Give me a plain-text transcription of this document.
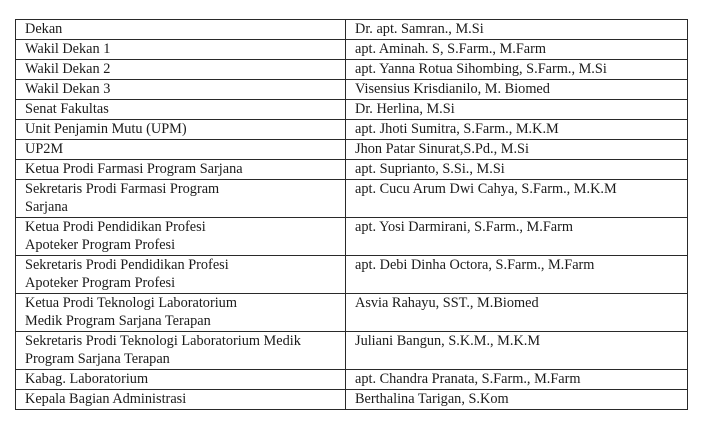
Dekan	Dr. apt. Samran., M.Si
Wakil Dekan 1	apt. Aminah. S, S.Farm., M.Farm
Wakil Dekan 2	apt. Yanna Rotua Sihombing, S.Farm., M.Si
Wakil Dekan 3	Visensius Krisdianilo, M. Biomed
Senat Fakultas	Dr. Herlina, M.Si
Unit Penjamin Mutu (UPM)	apt. Jhoti Sumitra, S.Farm., M.K.M
UP2M	Jhon Patar Sinurat,S.Pd., M.Si
Ketua Prodi Farmasi Program Sarjana	apt. Suprianto, S.Si., M.Si
Sekretaris Prodi Farmasi Program
Sarjana	apt. Cucu Arum Dwi Cahya, S.Farm., M.K.M
Ketua Prodi Pendidikan Profesi
Apoteker Program Profesi	apt. Yosi Darmirani, S.Farm., M.Farm
Sekretaris Prodi Pendidikan Profesi
Apoteker Program Profesi	apt. Debi Dinha Octora, S.Farm., M.Farm
Ketua Prodi Teknologi Laboratorium
Medik Program Sarjana Terapan	Asvia Rahayu, SST., M.Biomed
Sekretaris Prodi Teknologi Laboratorium Medik
Program Sarjana Terapan	Juliani Bangun, S.K.M., M.K.M
Kabag. Laboratorium	apt. Chandra Pranata, S.Farm., M.Farm
Kepala Bagian Administrasi	Berthalina Tarigan, S.Kom
